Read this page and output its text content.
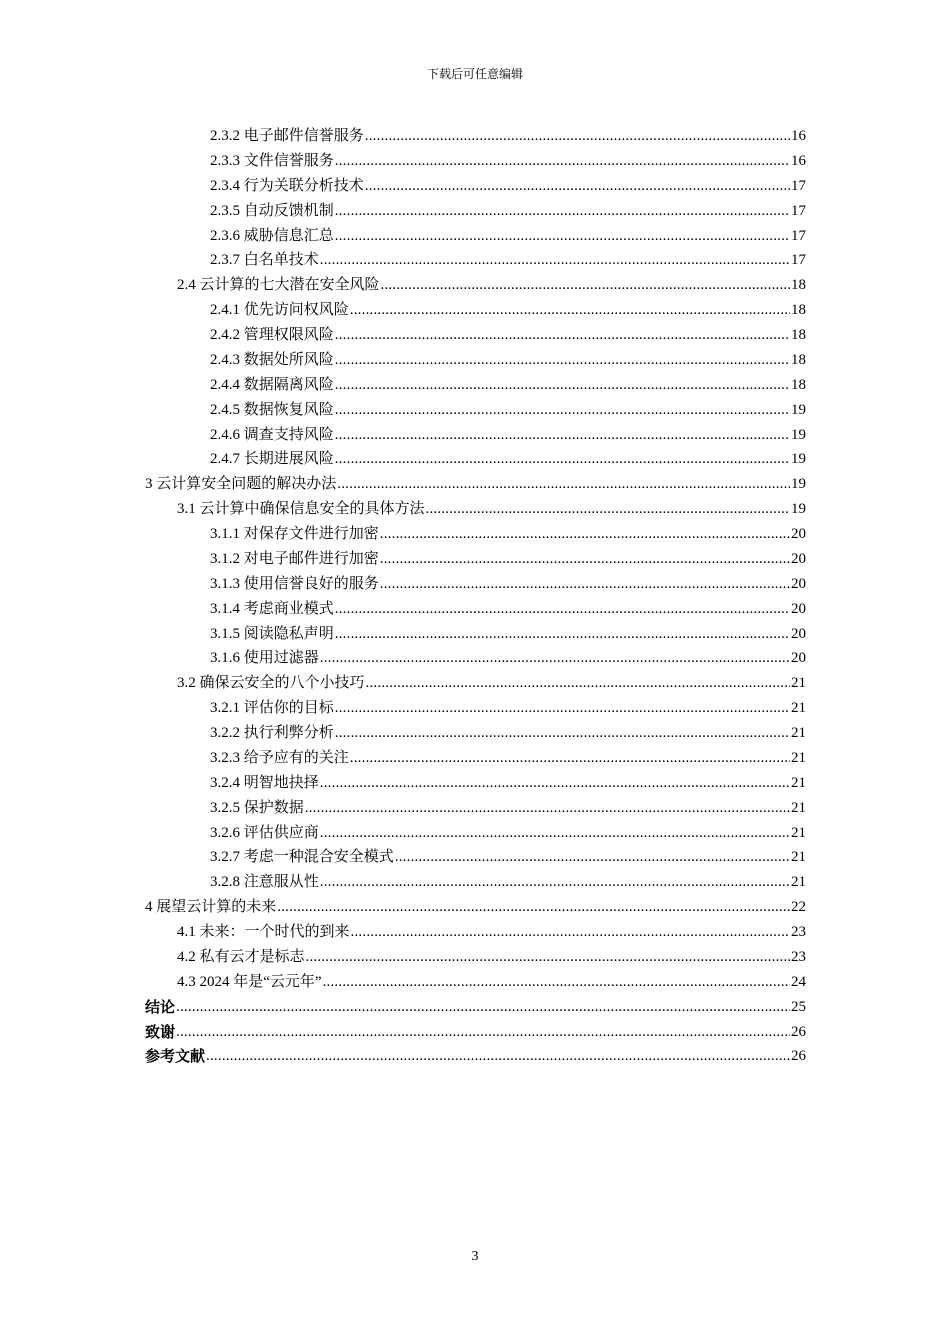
下载后可任意编辑
2.3.2 电子邮件信誉服务 .....	16
2.3.3 文件信誉服务 .....	16
2.3.4 行为关联分析技术 .....	17
2.3.5 自动反馈机制 .....	17
2.3.6 威胁信息汇总 .....	17
2.3.7 白名单技术 .....	17
2.4 云计算的七大潜在安全风险 .....	18
2.4.1 优先访问权风险 .....	18
2.4.2 管理权限风险 .....	18
2.4.3 数据处所风险 .....	18
2.4.4 数据隔离风险 .....	18
2.4.5 数据恢复风险 .....	19
2.4.6 调查支持风险 .....	19
2.4.7 长期进展风险 .....	19
3 云计算安全问题的解决办法 .....	19
3.1 云计算中确保信息安全的具体方法 .....	19
3.1.1 对保存文件进行加密 .....	20
3.1.2 对电子邮件进行加密 .....	20
3.1.3 使用信誉良好的服务 .....	20
3.1.4 考虑商业模式 .....	20
3.1.5 阅读隐私声明 .....	20
3.1.6 使用过滤器 .....	20
3.2 确保云安全的八个小技巧 .....	21
3.2.1 评估你的目标 .....	21
3.2.2 执行利弊分析 .....	21
3.2.3 给予应有的关注 .....	21
3.2.4 明智地抉择 .....	21
3.2.5 保护数据 .....	21
3.2.6 评估供应商 .....	21
3.2.7 考虑一种混合安全模式 .....	21
3.2.8 注意服从性 .....	21
4 展望云计算的未来 .....	22
4.1 未来：一个时代的到来 .....	23
4.2 私有云才是标志 .....	23
4.3 2024 年是“云元年” .....	24
结论 .....	25
致谢 .....	26
参考文献 .....	26
3
